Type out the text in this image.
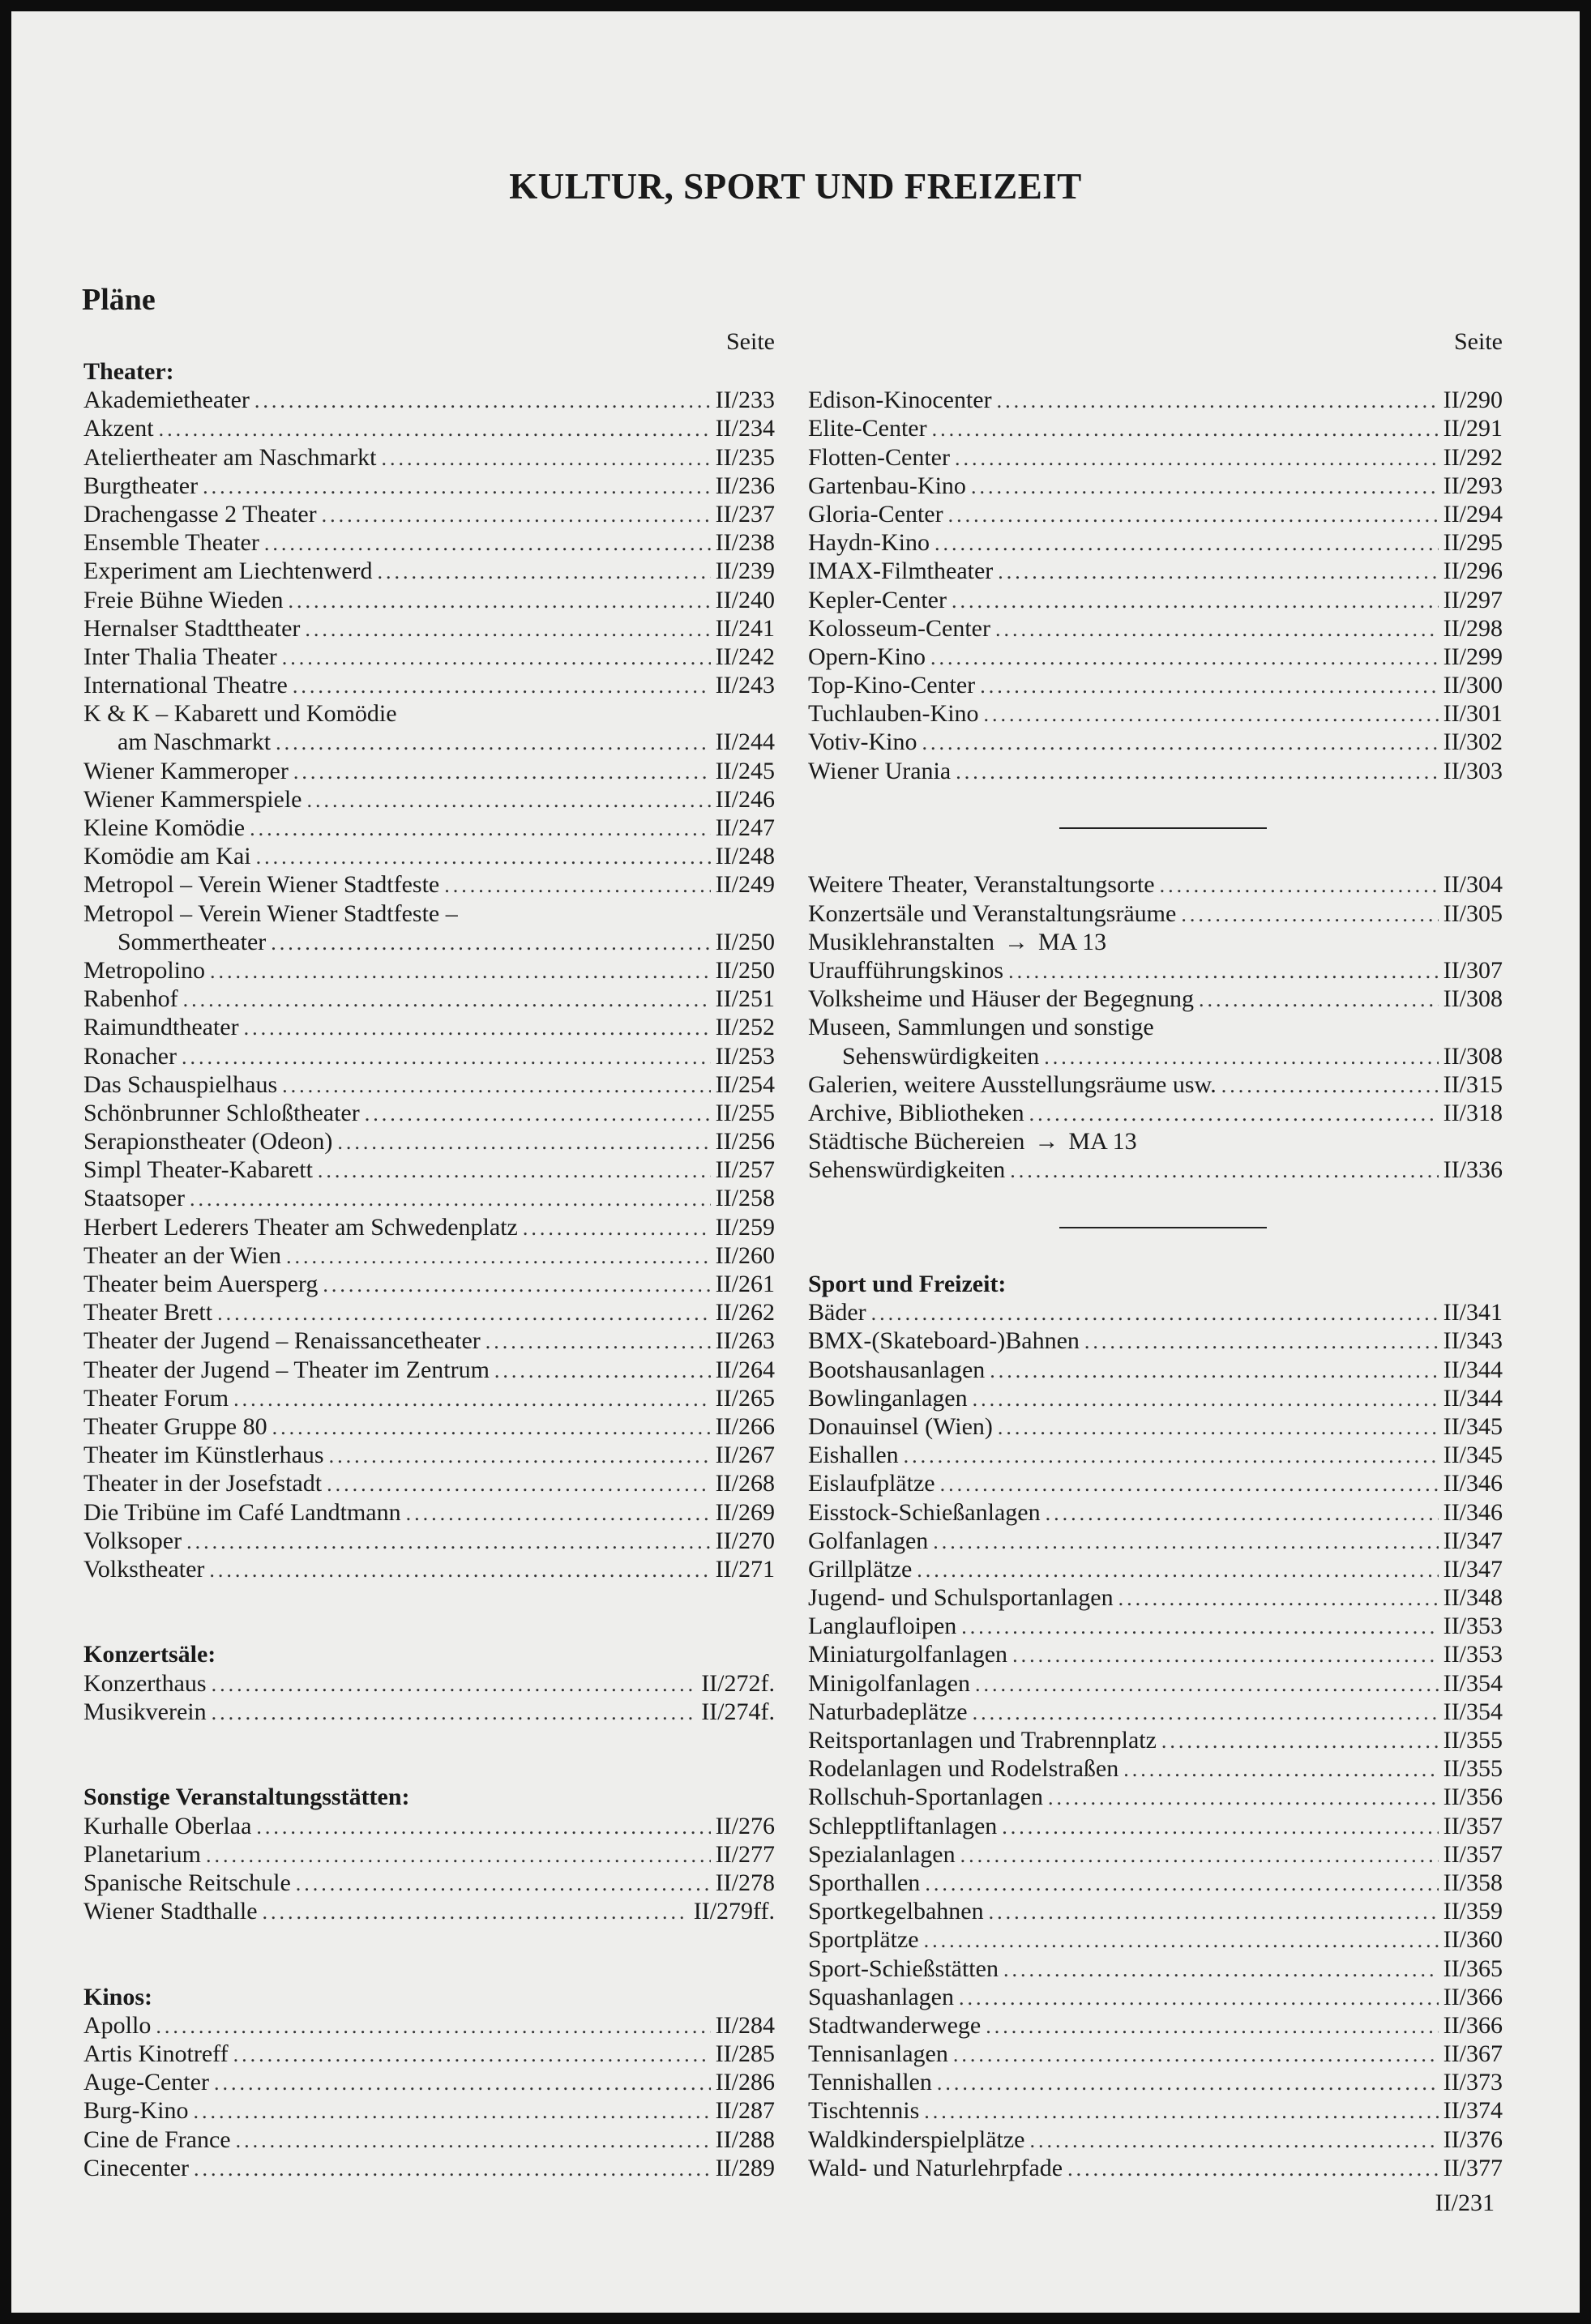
KULTUR, SPORT UND FREIZEIT
Pläne
Seite
Theater:
Akademietheater .....	II/233
Akzent .....	II/234
Ateliertheater am Naschmarkt .....	II/235
Burgtheater .....	II/236
Drachengasse 2 Theater .....	II/237
Ensemble Theater .....	II/238
Experiment am Liechtenwerd .....	II/239
Freie Bühne Wieden .....	II/240
Hernalser Stadttheater .....	II/241
Inter Thalia Theater .....	II/242
International Theatre .....	II/243
K & K – Kabarett und Komödie
am Naschmarkt .....	II/244
Wiener Kammeroper .....	II/245
Wiener Kammerspiele .....	II/246
Kleine Komödie .....	II/247
Komödie am Kai .....	II/248
Metropol – Verein Wiener Stadtfeste .....	II/249
Metropol – Verein Wiener Stadtfeste –
Sommertheater .....	II/250
Metropolino .....	II/250
Rabenhof .....	II/251
Raimundtheater .....	II/252
Ronacher .....	II/253
Das Schauspielhaus .....	II/254
Schönbrunner Schloßtheater .....	II/255
Serapionstheater (Odeon) .....	II/256
Simpl Theater-Kabarett .....	II/257
Staatsoper .....	II/258
Herbert Lederers Theater am Schwedenplatz .....	II/259
Theater an der Wien .....	II/260
Theater beim Auersperg .....	II/261
Theater Brett .....	II/262
Theater der Jugend – Renaissancetheater .....	II/263
Theater der Jugend – Theater im Zentrum .....	II/264
Theater Forum .....	II/265
Theater Gruppe 80 .....	II/266
Theater im Künstlerhaus .....	II/267
Theater in der Josefstadt .....	II/268
Die Tribüne im Café Landtmann .....	II/269
Volksoper .....	II/270
Volkstheater .....	II/271
Konzertsäle:
Konzerthaus .....	II/272f.
Musikverein .....	II/274f.
Sonstige Veranstaltungsstätten:
Kurhalle Oberlaa .....	II/276
Planetarium .....	II/277
Spanische Reitschule .....	II/278
Wiener Stadthalle .....	II/279ff.
Kinos:
Apollo .....	II/284
Artis Kinotreff .....	II/285
Auge-Center .....	II/286
Burg-Kino .....	II/287
Cine de France .....	II/288
Cinecenter .....	II/289
Seite
Edison-Kinocenter .....	II/290
Elite-Center .....	II/291
Flotten-Center .....	II/292
Gartenbau-Kino .....	II/293
Gloria-Center .....	II/294
Haydn-Kino .....	II/295
IMAX-Filmtheater .....	II/296
Kepler-Center .....	II/297
Kolosseum-Center .....	II/298
Opern-Kino .....	II/299
Top-Kino-Center .....	II/300
Tuchlauben-Kino .....	II/301
Votiv-Kino .....	II/302
Wiener Urania .....	II/303
Weitere Theater, Veranstaltungsorte .....	II/304
Konzertsäle und Veranstaltungsräume .....	II/305
Musiklehranstalten → MA 13
Uraufführungskinos .....	II/307
Volksheime und Häuser der Begegnung .....	II/308
Museen, Sammlungen und sonstige
Sehenswürdigkeiten .....	II/308
Galerien, weitere Ausstellungsräume usw. .....	II/315
Archive, Bibliotheken .....	II/318
Städtische Büchereien → MA 13
Sehenswürdigkeiten .....	II/336
Sport und Freizeit:
Bäder .....	II/341
BMX-(Skateboard-)Bahnen .....	II/343
Bootshausanlagen .....	II/344
Bowlinganlagen .....	II/344
Donauinsel (Wien) .....	II/345
Eishallen .....	II/345
Eislaufplätze .....	II/346
Eisstock-Schießanlagen .....	II/346
Golfanlagen .....	II/347
Grillplätze .....	II/347
Jugend- und Schulsportanlagen .....	II/348
Langlaufloipen .....	II/353
Miniaturgolfanlagen .....	II/353
Minigolfanlagen .....	II/354
Naturbadeplätze .....	II/354
Reitsportanlagen und Trabrennplatz .....	II/355
Rodelanlagen und Rodelstraßen .....	II/355
Rollschuh-Sportanlagen .....	II/356
Schlepptliftanlagen .....	II/357
Spezialanlagen .....	II/357
Sporthallen .....	II/358
Sportkegelbahnen .....	II/359
Sportplätze .....	II/360
Sport-Schießstätten .....	II/365
Squashanlagen .....	II/366
Stadtwanderwege .....	II/366
Tennisanlagen .....	II/367
Tennishallen .....	II/373
Tischtennis .....	II/374
Waldkinderspielplätze .....	II/376
Wald- und Naturlehrpfade .....	II/377
II/231
